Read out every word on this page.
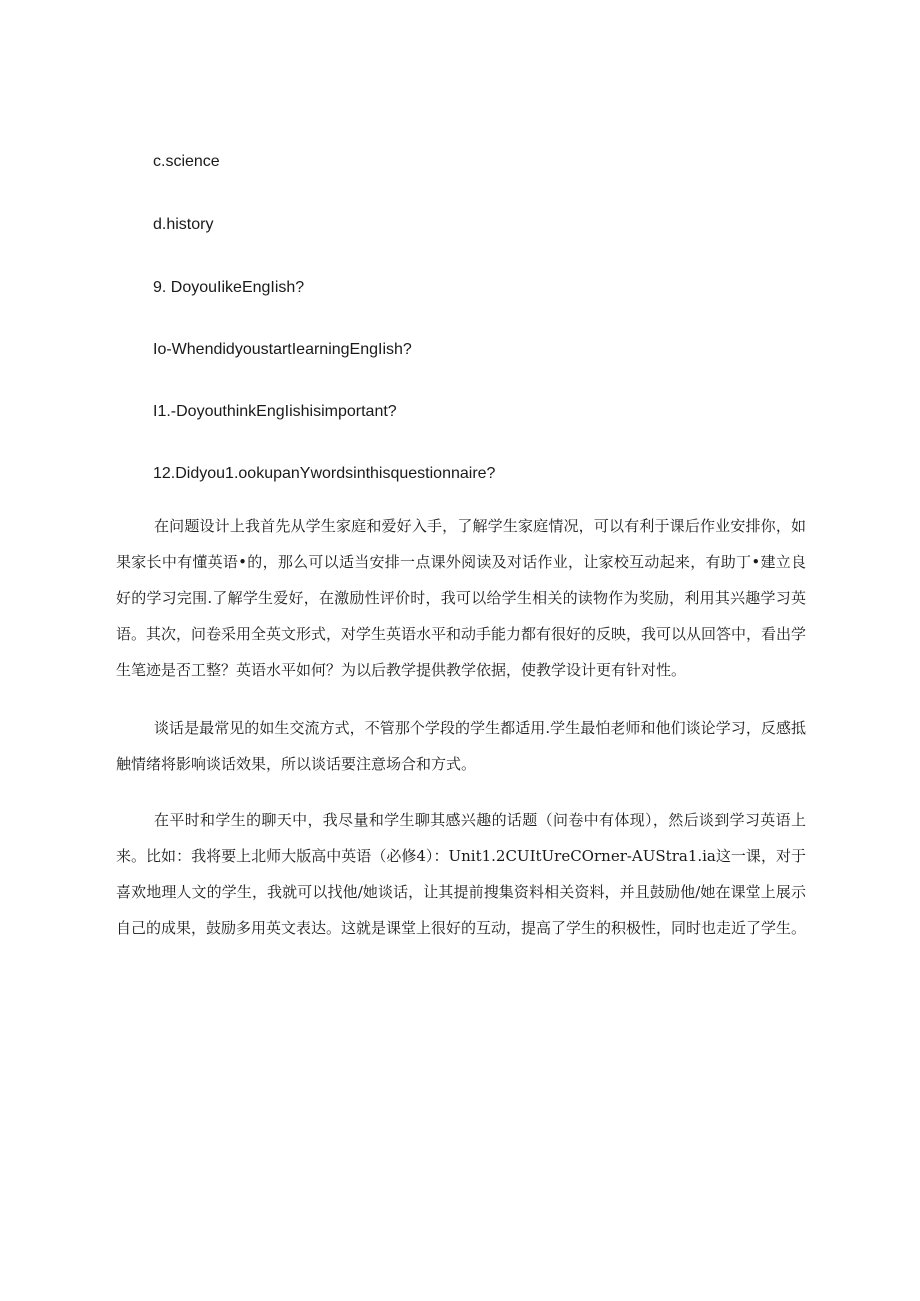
c.science
d.history
9. DoyouIikeEngIish?
Io-WhendidyoustartIearningEngIish?
I1.-DoyouthinkEngIishisimportant?
12.Didyou1.ookupanYwordsinthisquestionnaire?

在问题设计上我首先从学生家庭和爱好入手，了解学生家庭情况，可以有利于课后作业安排你，如果家长中有懂英语•的，那么可以适当安排一点课外阅读及对话作业，让家校互动起来，有助丁•建立良好的学习完围.了解学生爱好，在激励性评价时，我可以给学生相关的读物作为奖励，利用其兴趣学习英语。其次，问卷采用全英文形式，对学生英语水平和动手能力都有很好的反映，我可以从回答中，看出学生笔迹是否工整？英语水平如何？为以后教学提供教学依据，使教学设计更有针对性。

谈话是最常见的如生交流方式，不管那个学段的学生都适用.学生最怕老师和他们谈论学习，反感抵触情绪将影响谈话效果，所以谈话要注意场合和方式。

在平时和学生的聊天中，我尽量和学生聊其感兴趣的话题（问卷中有体现），然后谈到学习英语上来。比如：我将要上北师大版高中英语（必修4）：Unit1.2CUItUreCOrner-AUStra1.ia这一课，对于喜欢地理人文的学生，我就可以找他/她谈话，让其提前搜集资料相关资料，并且鼓励他/她在课堂上展示自己的成果，鼓励多用英文表达。这就是课堂上很好的互动，提高了学生的积极性，同时也走近了学生。
